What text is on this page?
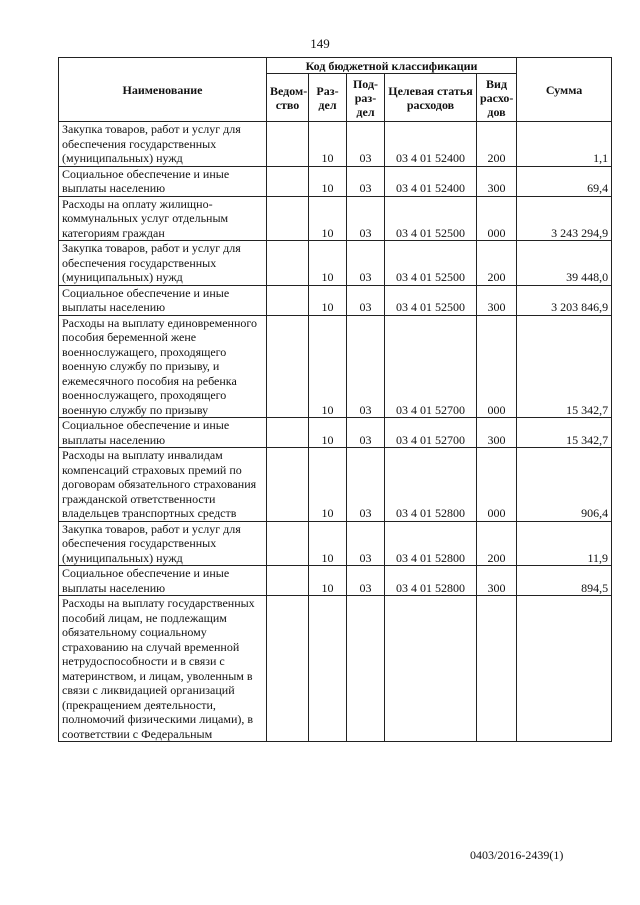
149
Наименование	Код бюджетной классификации					Сумма
	Ведом-ство	Раз-дел	Под-раз-дел	Целевая статья расходов	Вид расхо-дов	
Закупка товаров, работ и услуг для обеспечения государственных (муниципальных) нужд		10	03	03 4 01 52400	200	1,1
Социальное обеспечение и иные выплаты населению		10	03	03 4 01 52400	300	69,4
Расходы на оплату жилищно-коммунальных услуг отдельным категориям граждан		10	03	03 4 01 52500	000	3 243 294,9
Закупка товаров, работ и услуг для обеспечения государственных (муниципальных) нужд		10	03	03 4 01 52500	200	39 448,0
Социальное обеспечение и иные выплаты населению		10	03	03 4 01 52500	300	3 203 846,9
Расходы на выплату единовременного пособия беременной жене военнослужащего, проходящего военную службу по призыву, и ежемесячного пособия на ребенка военнослужащего, проходящего военную службу по призыву		10	03	03 4 01 52700	000	15 342,7
Социальное обеспечение и иные выплаты населению		10	03	03 4 01 52700	300	15 342,7
Расходы на выплату инвалидам компенсаций страховых премий по договорам обязательного страхования гражданской ответственности владельцев транспортных средств		10	03	03 4 01 52800	000	906,4
Закупка товаров, работ и услуг для обеспечения государственных (муниципальных) нужд		10	03	03 4 01 52800	200	11,9
Социальное обеспечение и иные выплаты населению		10	03	03 4 01 52800	300	894,5
Расходы на выплату государственных пособий лицам, не подлежащим обязательному социальному страхованию на случай временной нетрудоспособности и в связи с материнством, и лицам, уволенным в связи с ликвидацией организаций (прекращением деятельности, полномочий физическими лицами), в соответствии с Федеральным						
0403/2016-2439(1)
